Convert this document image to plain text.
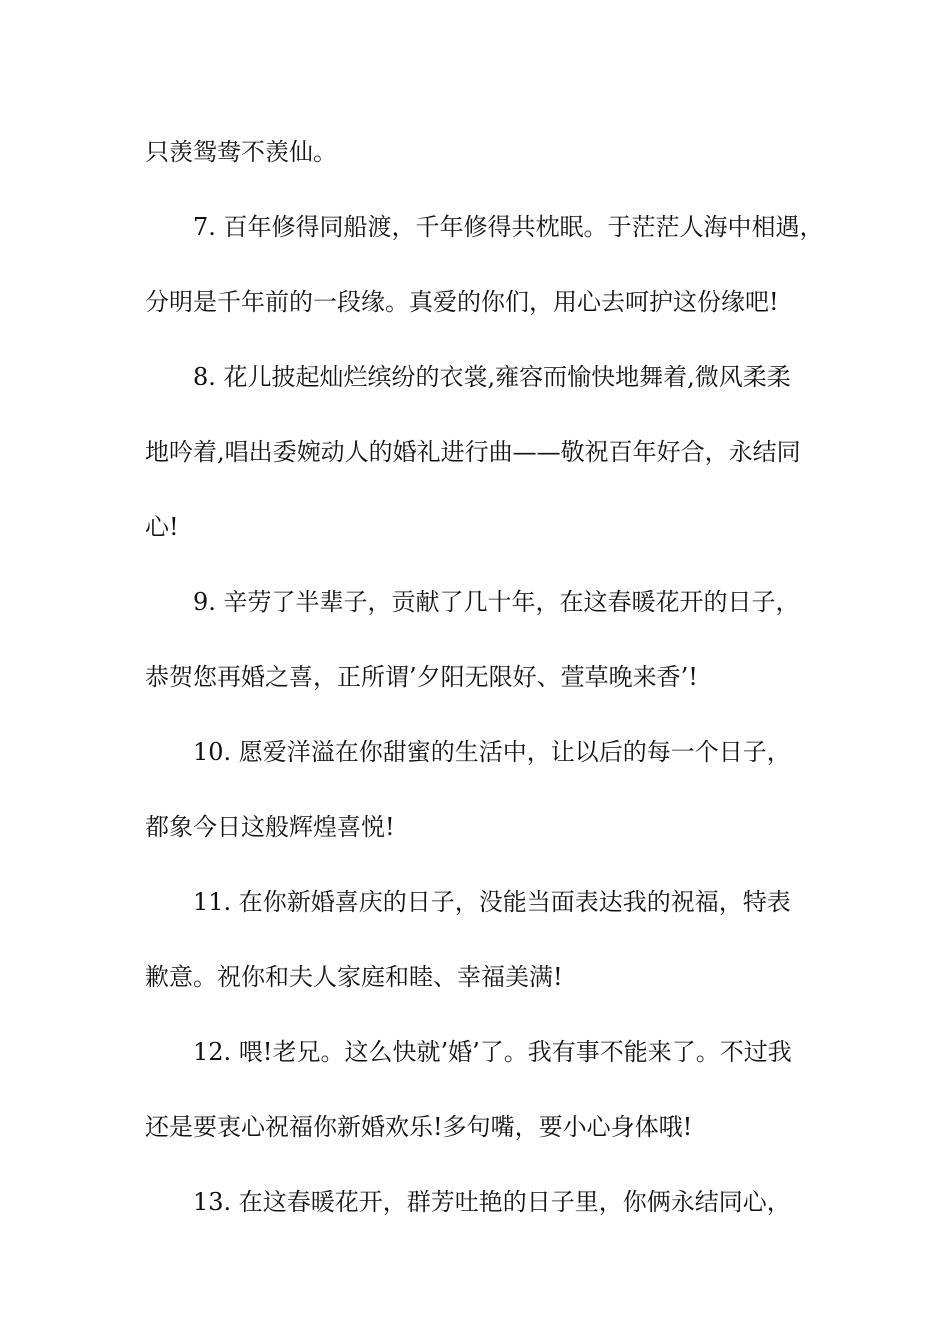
只羡鸳鸯不羡仙。
7. 百年修得同船渡，千年修得共枕眠。于茫茫人海中相遇，
分明是千年前的一段缘。真爱的你们，用心去呵护这份缘吧!
8. 花儿披起灿烂缤纷的衣裳,雍容而愉快地舞着,微风柔柔
地吟着,唱出委婉动人的婚礼进行曲——敬祝百年好合，永结同
心!
9. 辛劳了半辈子，贡献了几十年，在这春暖花开的日子，
恭贺您再婚之喜，正所谓’夕阳无限好、萱草晚来香’!
10. 愿爱洋溢在你甜蜜的生活中，让以后的每一个日子，
都象今日这般辉煌喜悦!
11. 在你新婚喜庆的日子，没能当面表达我的祝福，特表
歉意。祝你和夫人家庭和睦、幸福美满!
12. 喂!老兄。这么快就’婚’了。我有事不能来了。不过我
还是要衷心祝福你新婚欢乐!多句嘴，要小心身体哦!
13. 在这春暖花开，群芳吐艳的日子里，你俩永结同心，
